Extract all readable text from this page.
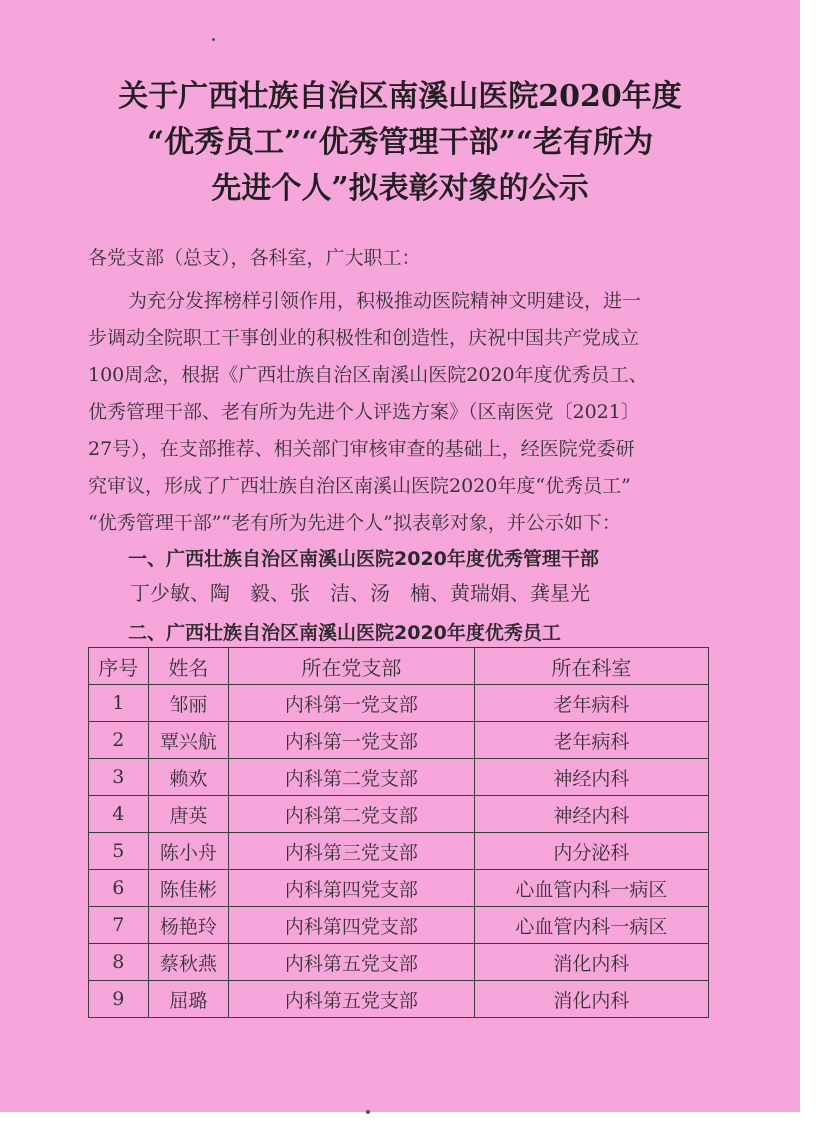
关于广西壮族自治区南溪山医院2020年度
“优秀员工”“优秀管理干部”“老有所为
先进个人”拟表彰对象的公示
各党支部（总支），各科室，广大职工：
为充分发挥榜样引领作用，积极推动医院精神文明建设，进一
步调动全院职工干事创业的积极性和创造性，庆祝中国共产党成立
100周念，根据《广西壮族自治区南溪山医院2020年度优秀员工、
优秀管理干部、老有所为先进个人评选方案》（区南医党〔2021〕
27号），在支部推荐、相关部门审核审查的基础上，经医院党委研
究审议，形成了广西壮族自治区南溪山医院2020年度“优秀员工”
“优秀管理干部”“老有所为先进个人”拟表彰对象，并公示如下：
一、广西壮族自治区南溪山医院2020年度优秀管理干部
丁少敏、陶　毅、张　洁、汤　楠、黄瑞娟、龚星光
二、广西壮族自治区南溪山医院2020年度优秀员工
序号	姓名	所在党支部	所在科室
1	邹丽	内科第一党支部	老年病科
2	覃兴航	内科第一党支部	老年病科
3	赖欢	内科第二党支部	神经内科
4	唐英	内科第二党支部	神经内科
5	陈小舟	内科第三党支部	内分泌科
6	陈佳彬	内科第四党支部	心血管内科一病区
7	杨艳玲	内科第四党支部	心血管内科一病区
8	蔡秋燕	内科第五党支部	消化内科
9	屈璐	内科第五党支部	消化内科
